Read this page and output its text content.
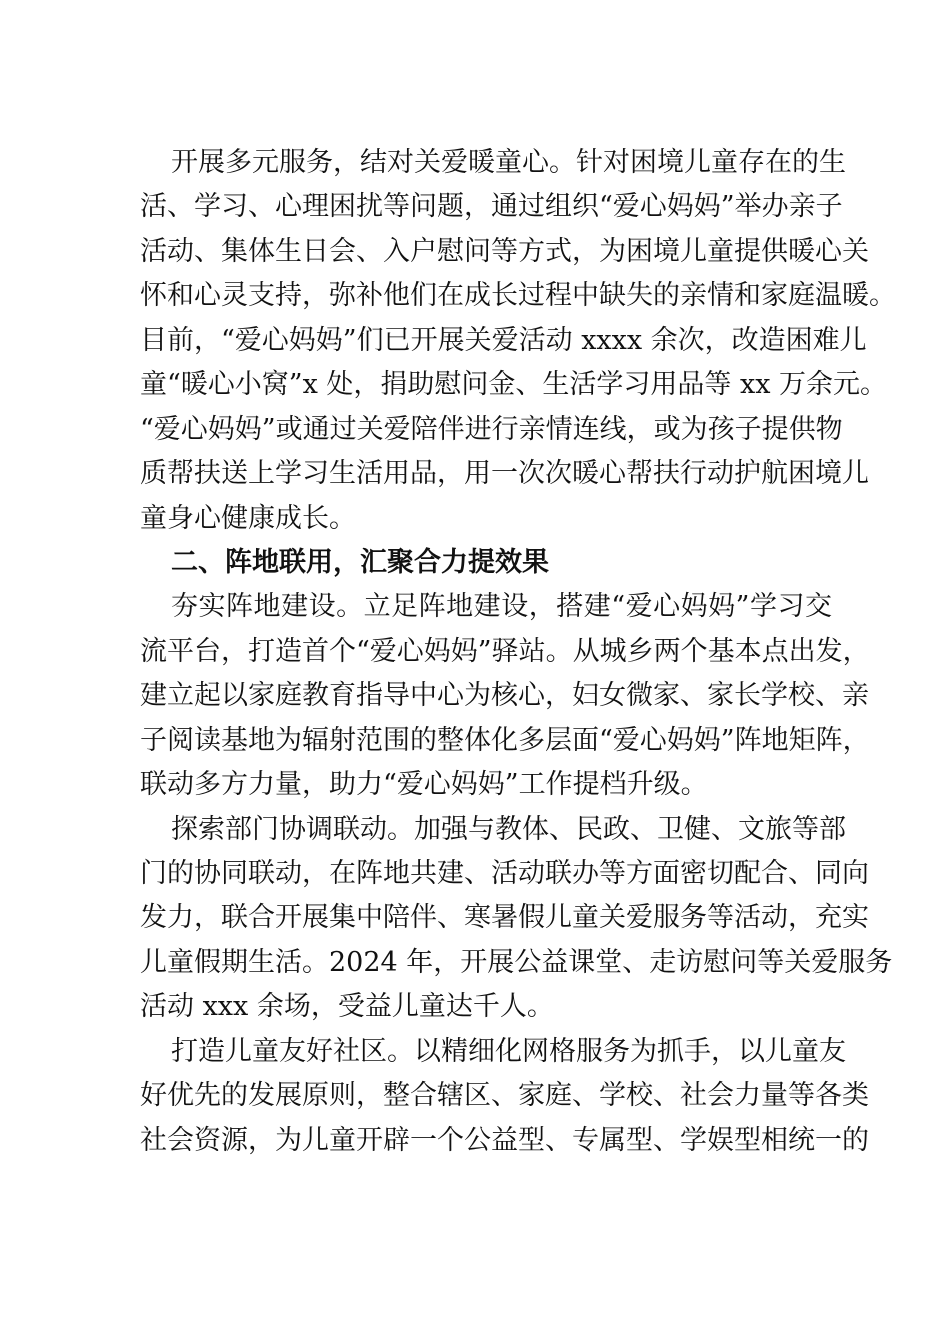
开展多元服务，结对关爱暖童心。针对困境儿童存在的生
活、学习、心理困扰等问题，通过组织“爱心妈妈”举办亲子
活动、集体生日会、入户慰问等方式，为困境儿童提供暖心关
怀和心灵支持，弥补他们在成长过程中缺失的亲情和家庭温暖。
目前，“爱心妈妈”们已开展关爱活动 xxxx 余次，改造困难儿
童“暖心小窝”x 处，捐助慰问金、生活学习用品等 xx 万余元。
“爱心妈妈”或通过关爱陪伴进行亲情连线，或为孩子提供物
质帮扶送上学习生活用品，用一次次暖心帮扶行动护航困境儿
童身心健康成长。
二、阵地联用，汇聚合力提效果
夯实阵地建设。立足阵地建设，搭建“爱心妈妈”学习交
流平台，打造首个“爱心妈妈”驿站。从城乡两个基本点出发，
建立起以家庭教育指导中心为核心，妇女微家、家长学校、亲
子阅读基地为辐射范围的整体化多层面“爱心妈妈”阵地矩阵，
联动多方力量，助力“爱心妈妈”工作提档升级。
探索部门协调联动。加强与教体、民政、卫健、文旅等部
门的协同联动，在阵地共建、活动联办等方面密切配合、同向
发力，联合开展集中陪伴、寒暑假儿童关爱服务等活动，充实
儿童假期生活。2024 年，开展公益课堂、走访慰问等关爱服务
活动 xxx 余场，受益儿童达千人。
打造儿童友好社区。以精细化网格服务为抓手，以儿童友
好优先的发展原则，整合辖区、家庭、学校、社会力量等各类
社会资源，为儿童开辟一个公益型、专属型、学娱型相统一的
